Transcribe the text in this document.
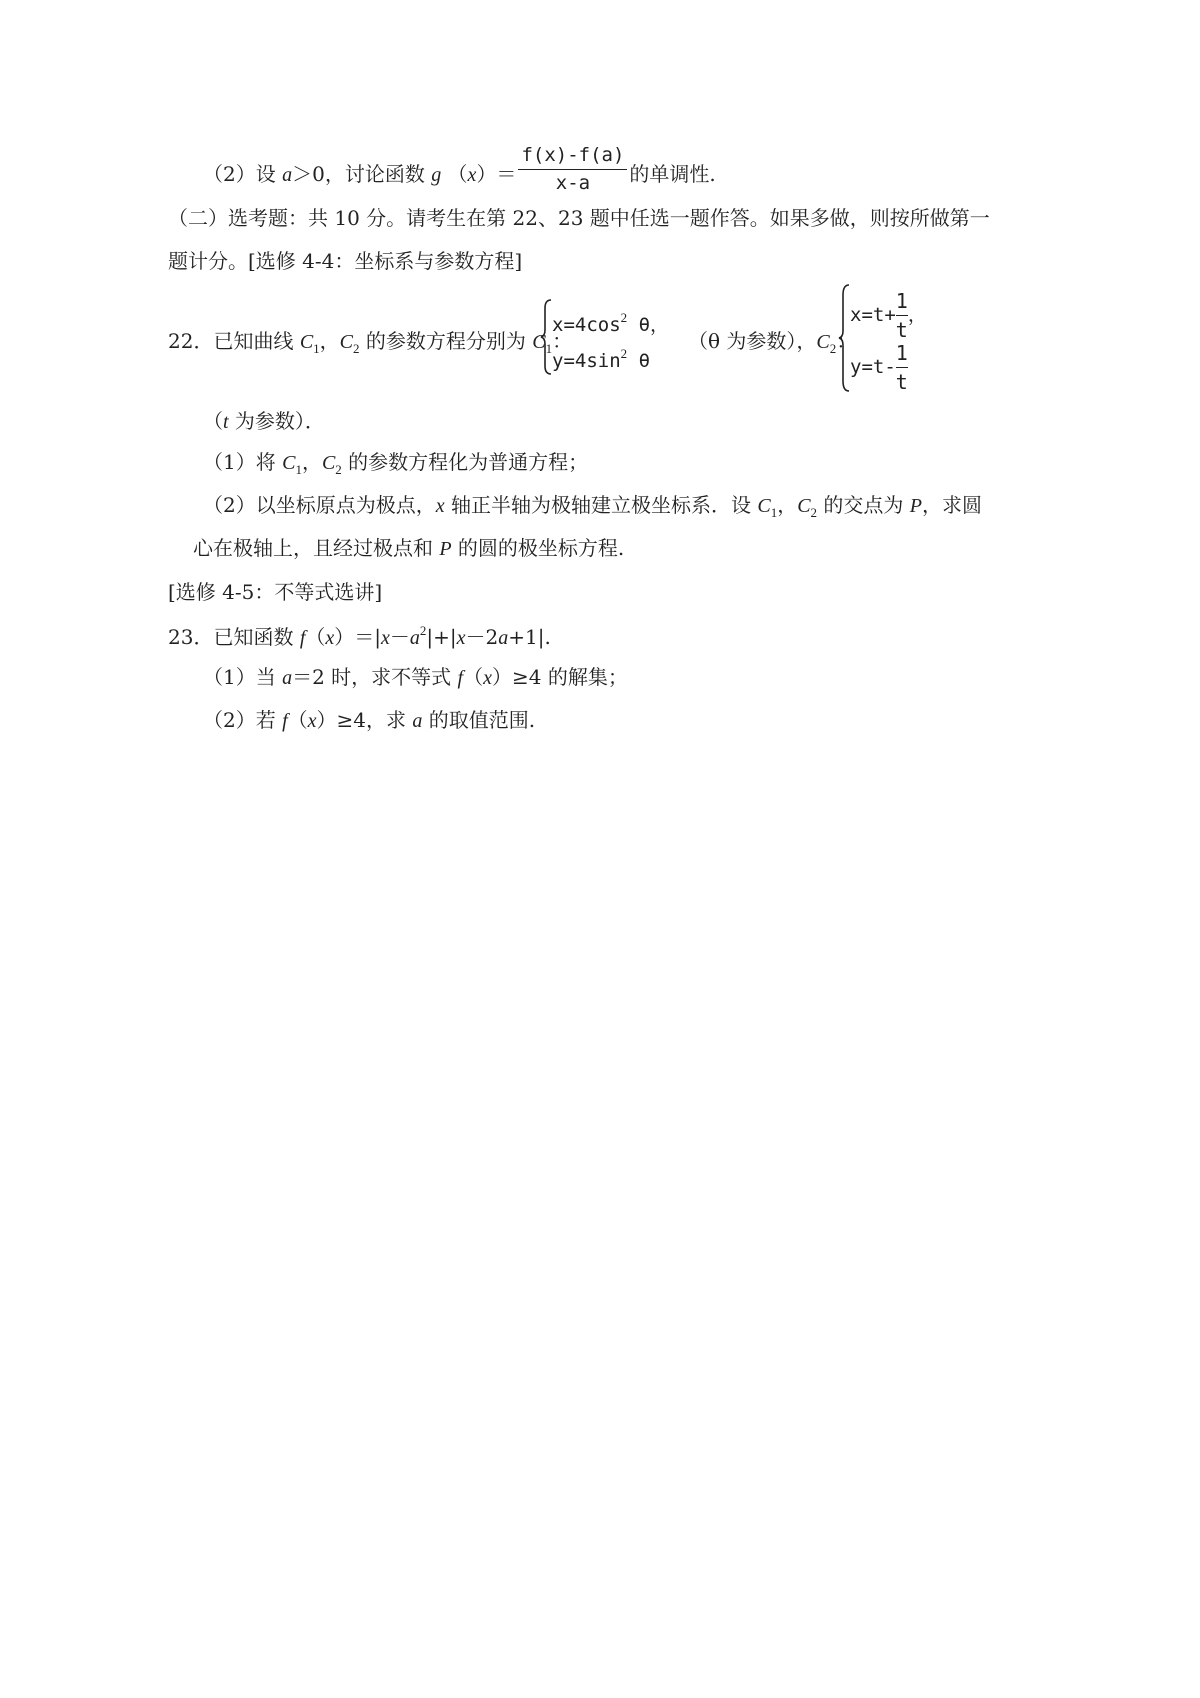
（2）设 a＞0，讨论函数 g $(x)= \frac{f(x)-f(a)}{x-a}$ 的单调性.
（二）选考题：共 10 分。请考生在第 22、23 题中任选一题作答。如果多做，则按所做第一
题计分。[选修 4-4：坐标系与参数方程]
22．已知曲线 $C_1$，$C_2$ 的参数方程分别为 $C_1$：
$x=4\cos^2$ θ，
$y=4\sin^2$ θ
（θ 为参数），$C_2$：
$x=t+ \frac{1}{t}$ ，
$y=t- \frac{1}{t}$
（t 为参数）．
（1）将 $C_1$，$C_2$ 的参数方程化为普通方程；
（2）以坐标原点为极点，x 轴正半轴为极轴建立极坐标系．设 $C_1$，$C_2$ 的交点为 P，求圆
心在极轴上，且经过极点和 P 的圆的极坐标方程.
[选修 4-5：不等式选讲]
23．已知函数 $f(x)=|x-a^2|+|x-2a+1|$.
（1）当 a＝2 时，求不等式 f（x）≥4 的解集；
（2）若 f（x）≥4，求 a 的取值范围.
